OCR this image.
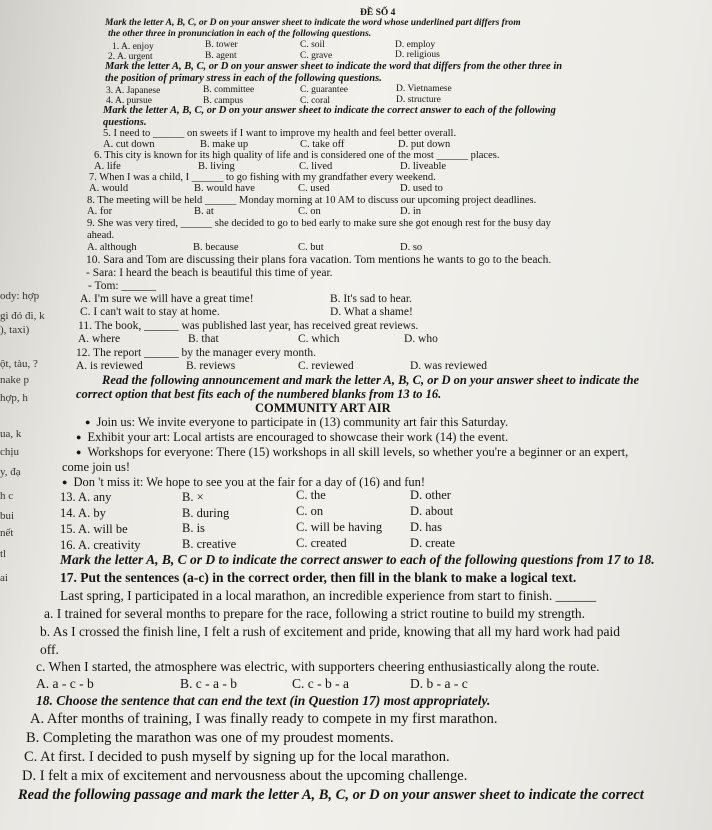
ody: hợp
gì đó đi, k
), taxi)
ột, tàu, ?
nake p
hợp, h
ua, k
chịu
y, đạ
h c
bui
nết
tl
ai
ĐỀ SỐ 4
Mark the letter A, B, C, or D on your answer sheet to indicate the word whose underlined part differs from
the other three in pronunciation in each of the following questions.
1. A. enjoy	B. tower	C. soil	D. employ
2. A. urgent	B. agent	C. grave	D. religious
Mark the letter A, B, C, or D on your answer sheet to indicate the word that differs from the other three in
the position of primary stress in each of the following questions.
3. A. Japanese	B. committee	C. guarantee	D. Vietnamese
4. A. pursue	B. campus	C. coral	D. structure
Mark the letter A, B, C, or D on your answer sheet to indicate the correct answer to each of the following
questions.
5. I need to ______ on sweets if I want to improve my health and feel better overall.
A. cut down	B. make up	C. take off	D. put down
6. This city is known for its high quality of life and is considered one of the most ______ places.
A. life	B. living	C. lived	D. liveable
7. When I was a child, I ______ to go fishing with my grandfather every weekend.
A. would	B. would have	C. used	D. used to
8. The meeting will be held ______ Monday morning at 10 AM to discuss our upcoming project deadlines.
A. for	B. at	C. on	D. in
9. She was very tired, ______ she decided to go to bed early to make sure she got enough rest for the busy day
ahead.
A. although	B. because	C. but	D. so
10. Sara and Tom are discussing their plans fora vacation. Tom mentions he wants to go to the beach.
- Sara: I heard the beach is beautiful this time of year.
- Tom: ______
A. I'm sure we will have a great time!	B. It's sad to hear.
C. I can't wait to stay at home.	D. What a shame!
11. The book, ______ was published last year, has received great reviews.
A. where	B. that	C. which	D. who
12. The report ______ by the manager every month.
A. is reviewed	B. reviews	C. reviewed	D. was reviewed
Read the following announcement and mark the letter A, B, C, or D on your answer sheet to indicate the
correct option that best fits each of the numbered blanks from 13 to 16.
COMMUNITY ART AIR
● Join us: We invite everyone to participate in (13) community art fair this Saturday.
● Exhibit your art: Local artists are encouraged to showcase their work (14) the event.
● Workshops for everyone: There (15) workshops in all skill levels, so whether you're a beginner or an expert,
come join us!
● Don 't miss it: We hope to see you at the fair for a day of (16) and fun!
13. A. any	B. ×	C. the	D. other
14. A. by	B. during	C. on	D. about
15. A. will be	B. is	C. will be having D. has
16. A. creativity	B. creative	C. created	D. create
Mark the letter A, B, C or D to indicate the correct answer to each of the following questions from 17 to 18.
17. Put the sentences (a-c) in the correct order, then fill in the blank to make a logical text.
Last spring, I participated in a local marathon, an incredible experience from start to finish. ______
a. I trained for several months to prepare for the race, following a strict routine to build my strength.
b. As I crossed the finish line, I felt a rush of excitement and pride, knowing that all my hard work had paid
off.
c. When I started, the atmosphere was electric, with supporters cheering enthusiastically along the route.
A. a - c - b	B. c - a - b	C. c - b - a	D. b - a - c
18. Choose the sentence that can end the text (in Question 17) most appropriately.
A. After months of training, I was finally ready to compete in my first marathon.
B. Completing the marathon was one of my proudest moments.
C. At first. I decided to push myself by signing up for the local marathon.
D. I felt a mix of excitement and nervousness about the upcoming challenge.
Read the following passage and mark the letter A, B, C, or D on your answer sheet to indicate the correct
